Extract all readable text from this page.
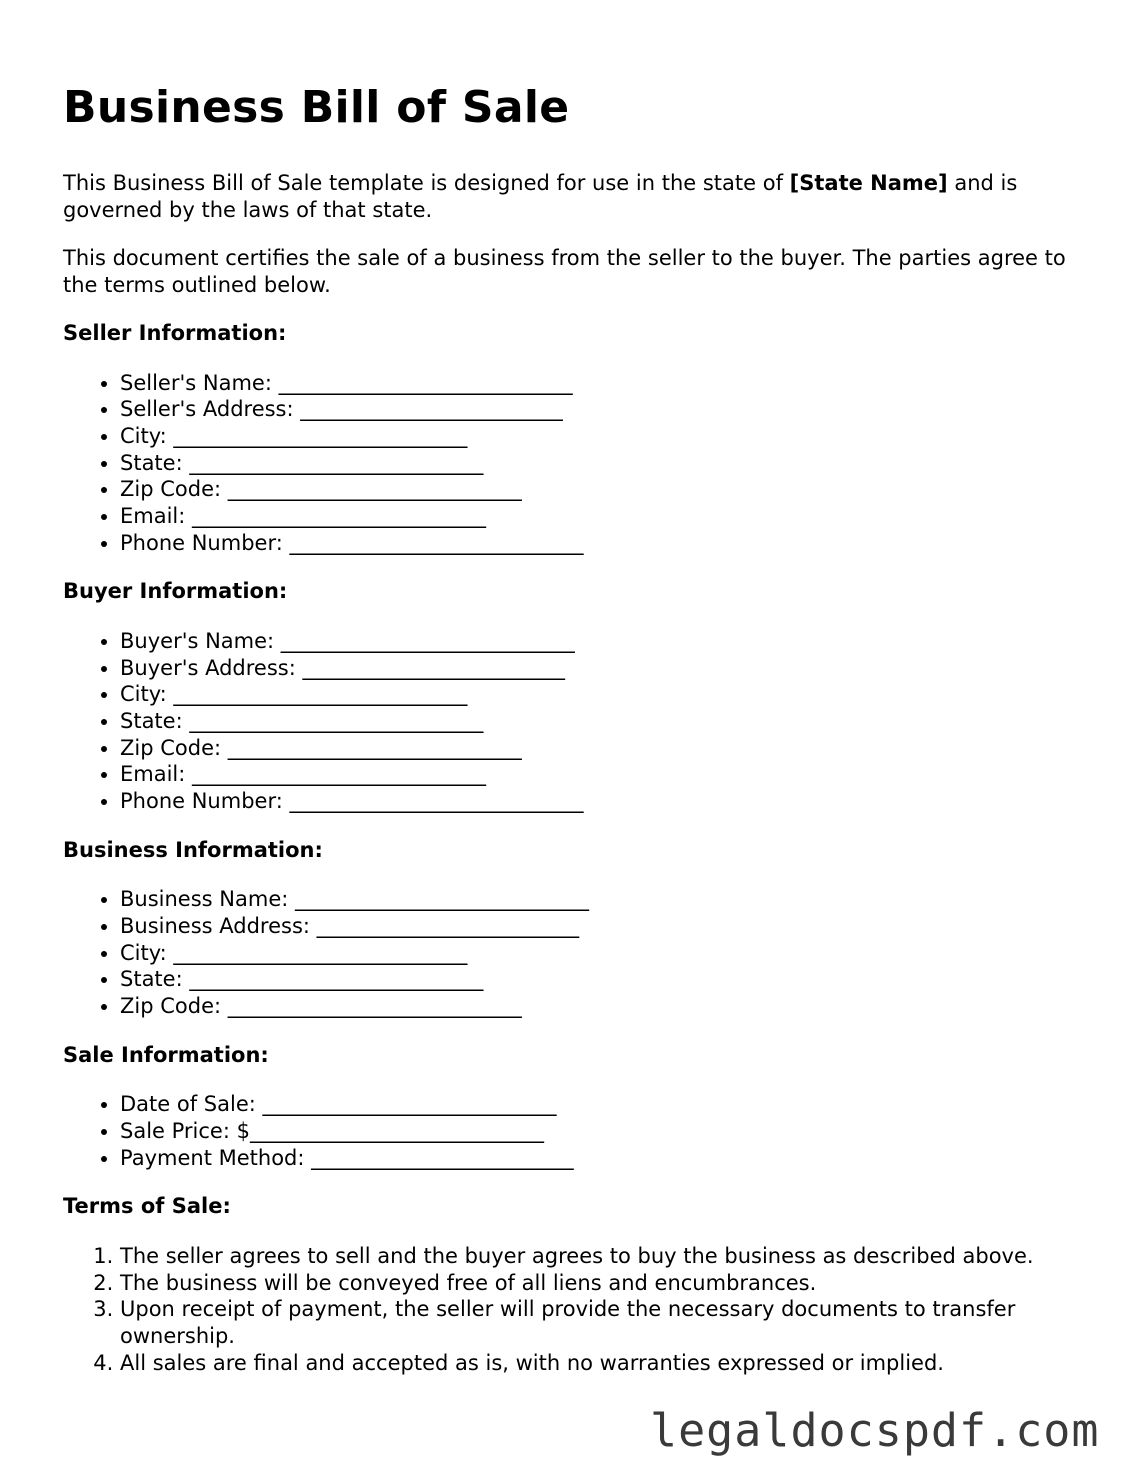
Business Bill of Sale

This Business Bill of Sale template is designed for use in the state of [State Name] and is governed by the laws of that state.

This document certifies the sale of a business from the seller to the buyer. The parties agree to the terms outlined below.

Seller Information:
• Seller's Name: ____________________________
• Seller's Address: _________________________
• City: ____________________________
• State: ____________________________
• Zip Code: ____________________________
• Email: ____________________________
• Phone Number: ____________________________
Buyer Information:
• Buyer's Name: ____________________________
• Buyer's Address: _________________________
• City: ____________________________
• State: ____________________________
• Zip Code: ____________________________
• Email: ____________________________
• Phone Number: ____________________________
Business Information:
• Business Name: ____________________________
• Business Address: _________________________
• City: ____________________________
• State: ____________________________
• Zip Code: ____________________________
Sale Information:
• Date of Sale: ____________________________
• Sale Price: $____________________________
• Payment Method: _________________________
Terms of Sale:
1. The seller agrees to sell and the buyer agrees to buy the business as described above.
2. The business will be conveyed free of all liens and encumbrances.
3. Upon receipt of payment, the seller will provide the necessary documents to transfer ownership.
4. All sales are final and accepted as is, with no warranties expressed or implied.
legaldocspdf.com
